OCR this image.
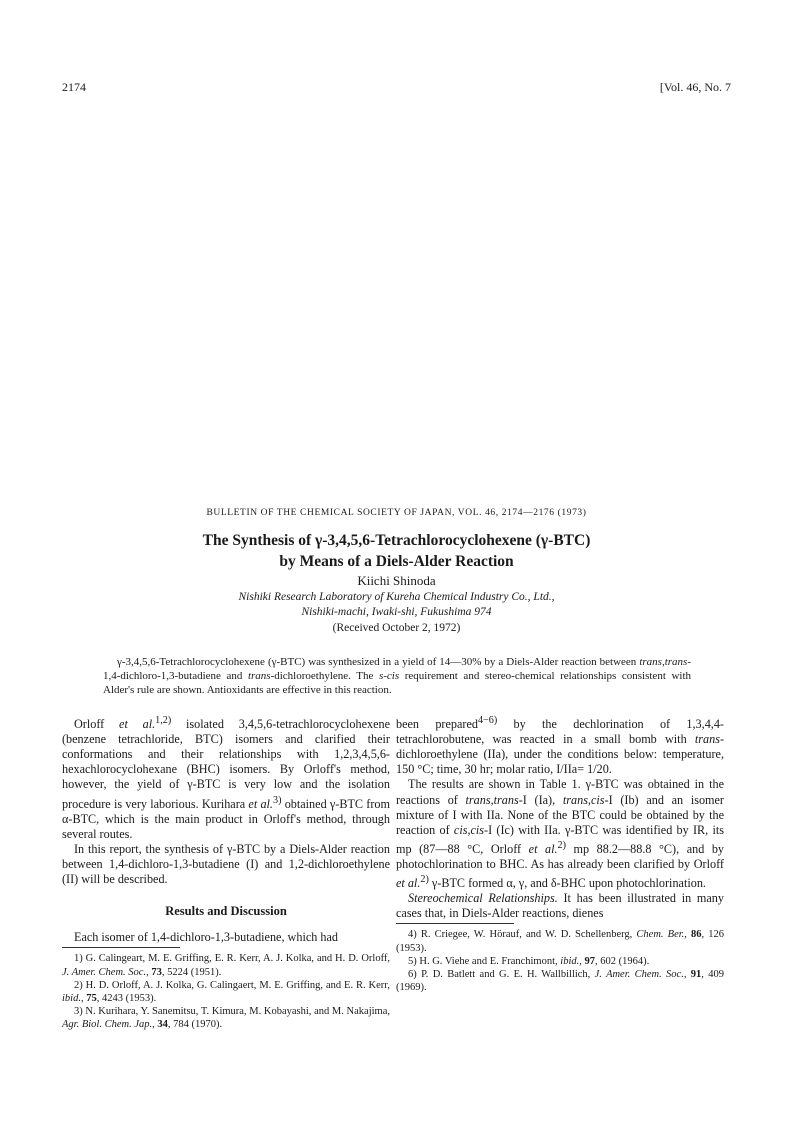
2174	[Vol. 46, No. 7
BULLETIN OF THE CHEMICAL SOCIETY OF JAPAN, VOL. 46, 2174—2176 (1973)
The Synthesis of γ-3,4,5,6-Tetrachlorocyclohexene (γ-BTC)
by Means of a Diels-Alder Reaction
Kiichi Shinoda
Nishiki Research Laboratory of Kureha Chemical Industry Co., Ltd.,
Nishiki-machi, Iwaki-shi, Fukushima 974
(Received October 2, 1972)
γ-3,4,5,6-Tetrachlorocyclohexene (γ-BTC) was synthesized in a yield of 14—30% by a Diels-Alder reaction between trans,trans-1,4-dichloro-1,3-butadiene and trans-dichloroethylene. The s-cis requirement and stereo-chemical relationships consistent with Alder's rule are shown. Antioxidants are effective in this reaction.

Orloff et al.$^{1,2)}$ isolated 3,4,5,6-tetrachlorocyclohexene (benzene tetrachloride, BTC) isomers and clarified their conformations and their relationships with 1,2,3,4,5,6-hexachlorocyclohexane (BHC) isomers. By Orloff's method, however, the yield of γ-BTC is very low and the isolation procedure is very laborious. Kurihara et al.$^{3)}$ obtained γ-BTC from α-BTC, which is the main product in Orloff's method, through several routes.

In this report, the synthesis of γ-BTC by a Diels-Alder reaction between 1,4-dichloro-1,3-butadiene (I) and 1,2-dichloroethylene (II) will be described.

Results and Discussion

Each isomer of 1,4-dichloro-1,3-butadiene, which had

1) G. Calingeart, M. E. Griffing, E. R. Kerr, A. J. Kolka, and H. D. Orloff, J. Amer. Chem. Soc., 73, 5224 (1951).

2) H. D. Orloff, A. J. Kolka, G. Calingaert, M. E. Griffing, and E. R. Kerr, ibid., 75, 4243 (1953).

3) N. Kurihara, Y. Sanemitsu, T. Kimura, M. Kobayashi, and M. Nakajima, Agr. Biol. Chem. Jap., 34, 784 (1970).

been prepared$^{4-6)}$ by the dechlorination of 1,3,4,4-tetrachlorobutene, was reacted in a small bomb with trans-dichloroethylene (IIa), under the conditions below: temperature, 150 °C; time, 30 hr; molar ratio, I/IIa= 1/20.

The results are shown in Table 1. γ-BTC was obtained in the reactions of trans,trans-I (Ia), trans,cis-I (Ib) and an isomer mixture of I with IIa. None of the BTC could be obtained by the reaction of cis,cis-I (Ic) with IIa. γ-BTC was identified by IR, its mp (87—88 °C, Orloff et al.$^{2)}$ mp 88.2—88.8 °C), and by photochlorination to BHC. As has already been clarified by Orloff et al.$^{2)}$ γ-BTC formed α, γ, and δ-BHC upon photochlorination.

Stereochemical Relationships. It has been illustrated in many cases that, in Diels-Alder reactions, dienes

4) R. Criegee, W. Hörauf, and W. D. Schellenberg, Chem. Ber., 86, 126 (1953).

5) H. G. Viehe and E. Franchimont, ibid., 97, 602 (1964).

6) P. D. Batlett and G. E. H. Wallbillich, J. Amer. Chem. Soc., 91, 409 (1969).
